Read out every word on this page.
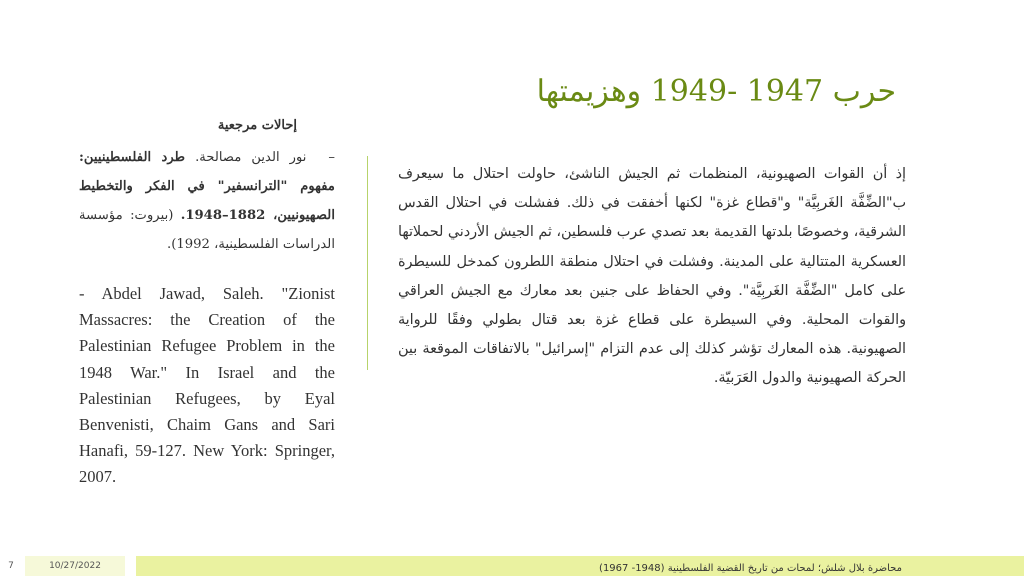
حرب 1947 -1949 وهزيمتها
إذ أن القوات الصهيونية، المنظمات ثم الجيش الناشئ، حاولت احتلال ما سيعرف ب"الضِّفَّة الغَربِيَّة" و"قطاع غزة" لكنها أخفقت في ذلك. ففشلت في احتلال القدس الشرقية، وخصوصًا بلدتها القديمة بعد تصدي عرب فلسطين، ثم الجيش الأردني لحملاتها العسكرية المتتالية على المدينة. وفشلت في احتلال منطقة اللطرون كمدخل للسيطرة على كامل "الضِّفَّة الغَربِيَّة". وفي الحفاظ على جنين بعد معارك مع الجيش العراقي والقوات المحلية. وفي السيطرة على قطاع غزة بعد قتال بطولي وفقًا للرواية الصهيونية. هذه المعارك تؤشر كذلك إلى عدم التزام "إسرائيل" بالاتفاقات الموقعة بين الحركة الصهيونية والدول العَرَبيّة.
إحالات مرجعية
– نور الدين مصالحة. طرد الفلسطينيين: مفهوم "الترانسفير" في الفكر والتخطيط الصهيونيين، 1882–1948. (بيروت: مؤسسة الدراسات الفلسطينية، 1992).
- Abdel Jawad, Saleh. "Zionist Massacres: the Creation of the Palestinian Refugee Problem in the 1948 War." In Israel and the Palestinian Refugees, by Eyal Benvenisti, Chaim Gans and Sari Hanafi, 59-127. New York: Springer, 2007.
7	10/27/2022	محاضرة بلال شلش؛ لمحات من تاريخ القضية الفلسطينية (1948- 1967)
